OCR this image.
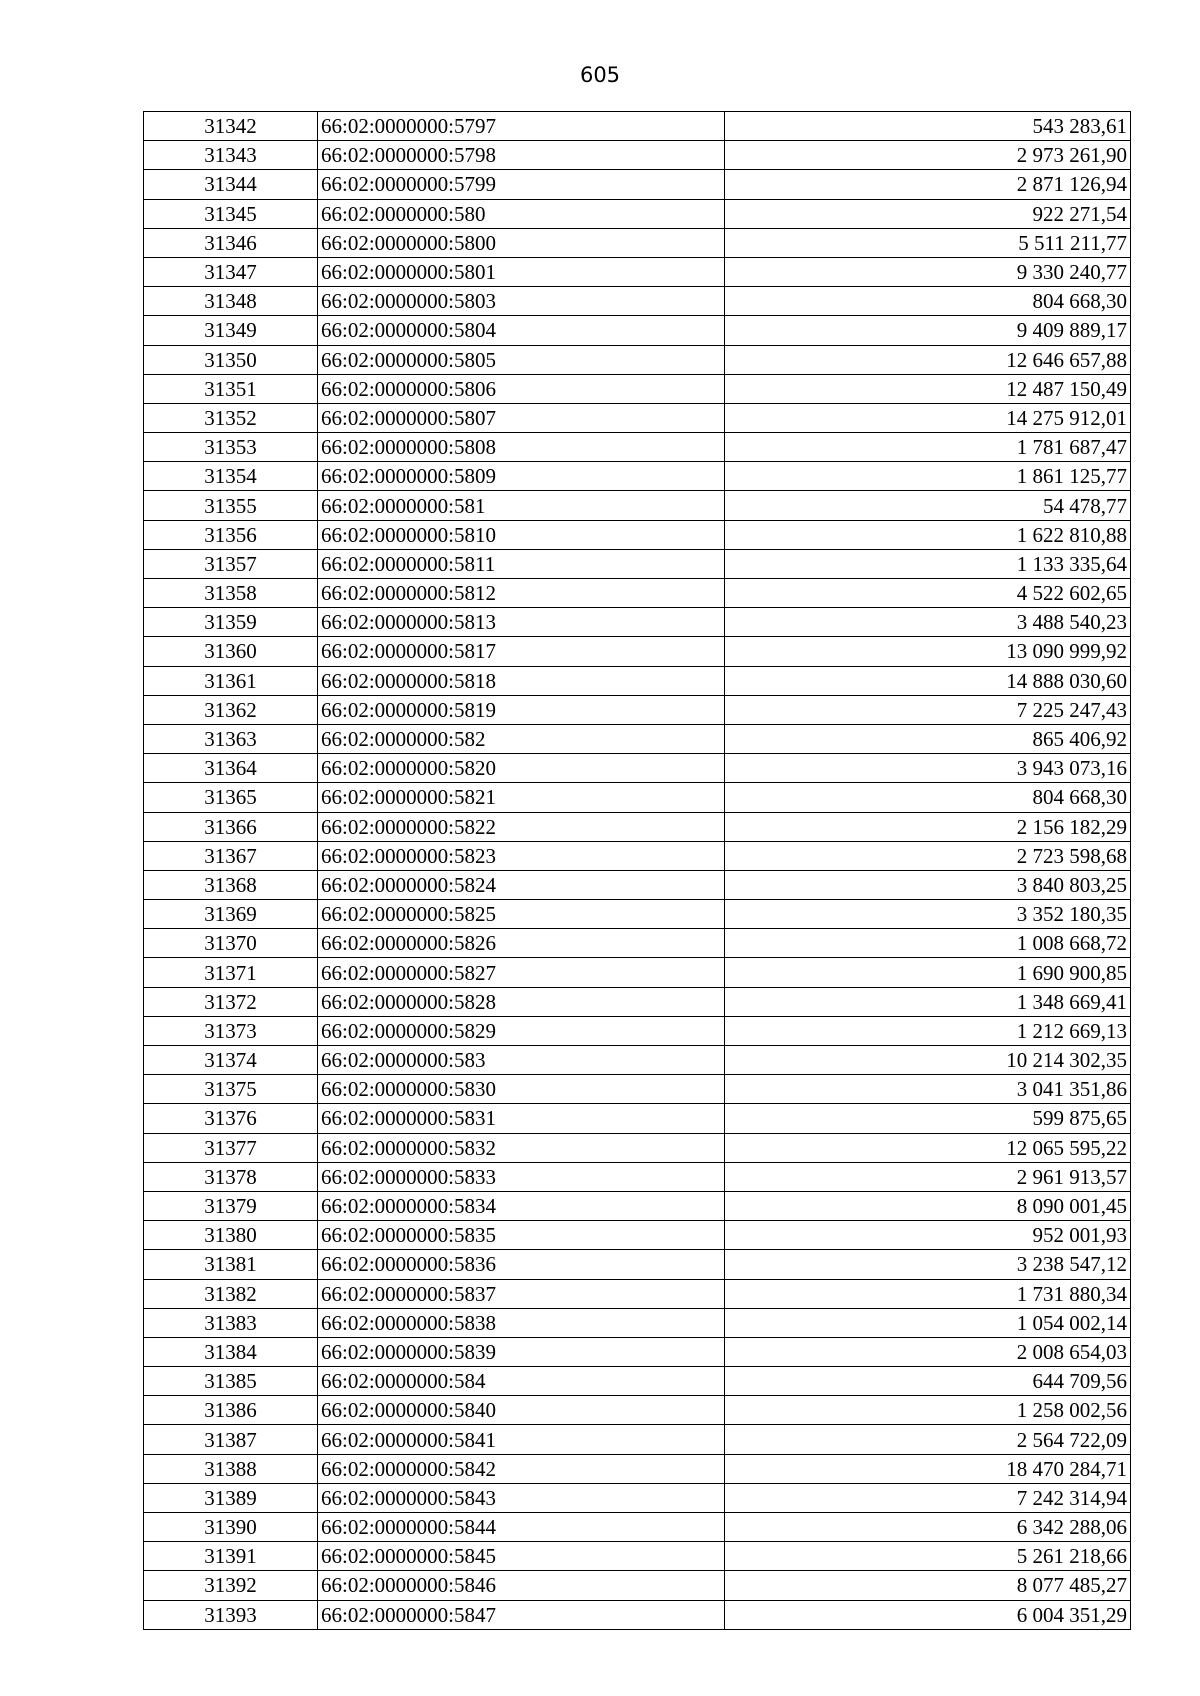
605
31342	66:02:0000000:5797	543 283,61
31343	66:02:0000000:5798	2 973 261,90
31344	66:02:0000000:5799	2 871 126,94
31345	66:02:0000000:580	922 271,54
31346	66:02:0000000:5800	5 511 211,77
31347	66:02:0000000:5801	9 330 240,77
31348	66:02:0000000:5803	804 668,30
31349	66:02:0000000:5804	9 409 889,17
31350	66:02:0000000:5805	12 646 657,88
31351	66:02:0000000:5806	12 487 150,49
31352	66:02:0000000:5807	14 275 912,01
31353	66:02:0000000:5808	1 781 687,47
31354	66:02:0000000:5809	1 861 125,77
31355	66:02:0000000:581	54 478,77
31356	66:02:0000000:5810	1 622 810,88
31357	66:02:0000000:5811	1 133 335,64
31358	66:02:0000000:5812	4 522 602,65
31359	66:02:0000000:5813	3 488 540,23
31360	66:02:0000000:5817	13 090 999,92
31361	66:02:0000000:5818	14 888 030,60
31362	66:02:0000000:5819	7 225 247,43
31363	66:02:0000000:582	865 406,92
31364	66:02:0000000:5820	3 943 073,16
31365	66:02:0000000:5821	804 668,30
31366	66:02:0000000:5822	2 156 182,29
31367	66:02:0000000:5823	2 723 598,68
31368	66:02:0000000:5824	3 840 803,25
31369	66:02:0000000:5825	3 352 180,35
31370	66:02:0000000:5826	1 008 668,72
31371	66:02:0000000:5827	1 690 900,85
31372	66:02:0000000:5828	1 348 669,41
31373	66:02:0000000:5829	1 212 669,13
31374	66:02:0000000:583	10 214 302,35
31375	66:02:0000000:5830	3 041 351,86
31376	66:02:0000000:5831	599 875,65
31377	66:02:0000000:5832	12 065 595,22
31378	66:02:0000000:5833	2 961 913,57
31379	66:02:0000000:5834	8 090 001,45
31380	66:02:0000000:5835	952 001,93
31381	66:02:0000000:5836	3 238 547,12
31382	66:02:0000000:5837	1 731 880,34
31383	66:02:0000000:5838	1 054 002,14
31384	66:02:0000000:5839	2 008 654,03
31385	66:02:0000000:584	644 709,56
31386	66:02:0000000:5840	1 258 002,56
31387	66:02:0000000:5841	2 564 722,09
31388	66:02:0000000:5842	18 470 284,71
31389	66:02:0000000:5843	7 242 314,94
31390	66:02:0000000:5844	6 342 288,06
31391	66:02:0000000:5845	5 261 218,66
31392	66:02:0000000:5846	8 077 485,27
31393	66:02:0000000:5847	6 004 351,29
